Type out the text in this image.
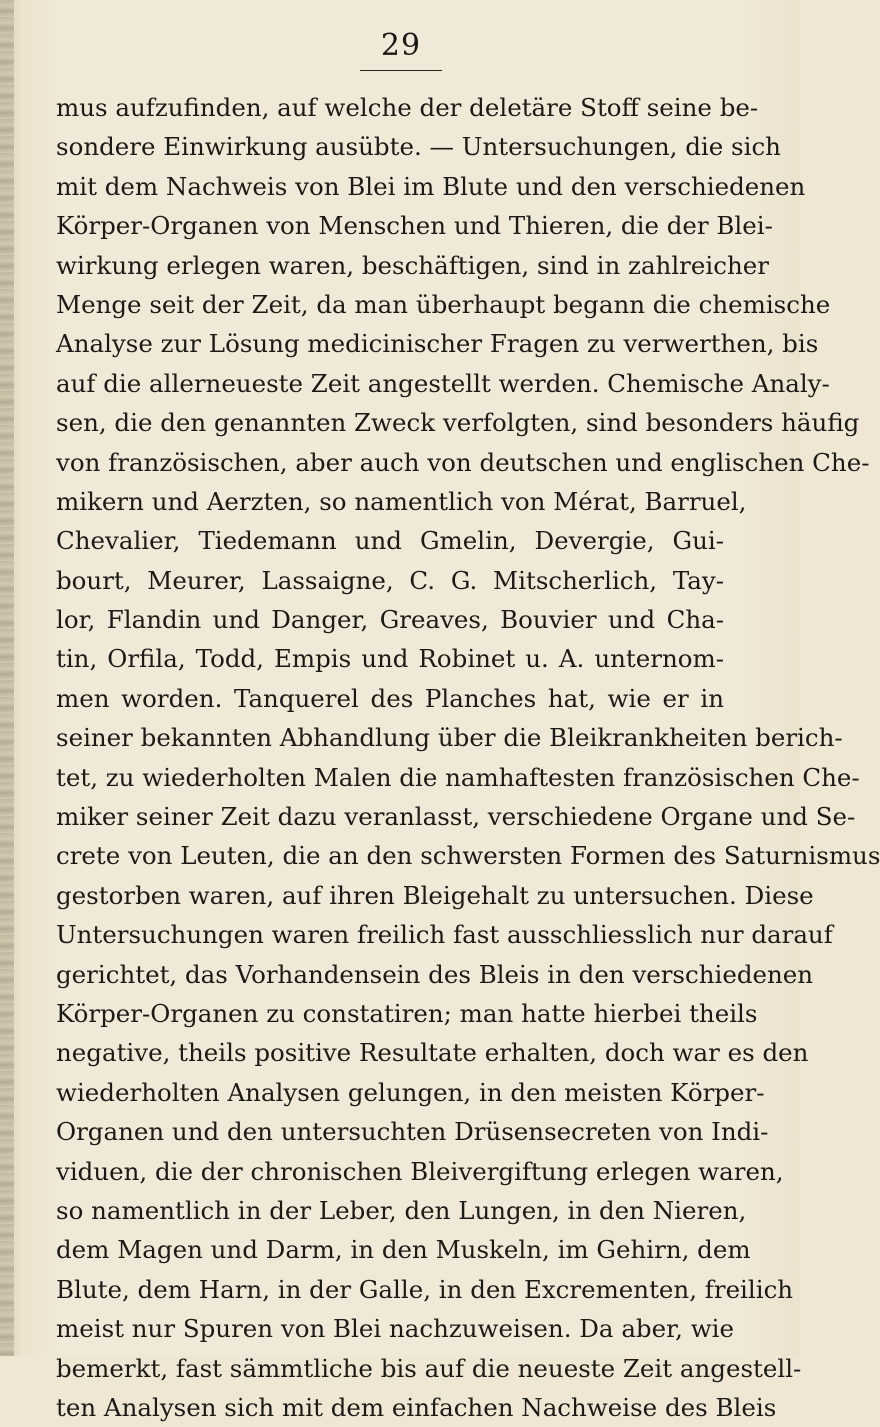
29
mus aufzufinden, auf welche der deletäre Stoff seine be-
sondere Einwirkung ausübte. — Untersuchungen, die sich
mit dem Nachweis von Blei im Blute und den verschiedenen
Körper-Organen von Menschen und Thieren, die der Blei-
wirkung erlegen waren, beschäftigen, sind in zahlreicher
Menge seit der Zeit, da man überhaupt begann die chemische
Analyse zur Lösung medicinischer Fragen zu verwerthen, bis
auf die allerneueste Zeit angestellt werden. Chemische Analy-
sen, die den genannten Zweck verfolgten, sind besonders häufig
von französischen, aber auch von deutschen und englischen Che-
mikern und Aerzten, so namentlich von Mérat, Barruel,
Chevalier, Tiedemann und Gmelin, Devergie, Gui-
bourt, Meurer, Lassaigne, C. G. Mitscherlich, Tay-
lor, Flandin und Danger, Greaves, Bouvier und Cha-
tin, Orfila, Todd, Empis und Robinet u. A. unternom-
men worden. Tanquerel des Planches hat, wie er in
seiner bekannten Abhandlung über die Bleikrankheiten berich-
tet, zu wiederholten Malen die namhaftesten französischen Che-
miker seiner Zeit dazu veranlasst, verschiedene Organe und Se-
crete von Leuten, die an den schwersten Formen des Saturnismus
gestorben waren, auf ihren Bleigehalt zu untersuchen. Diese
Untersuchungen waren freilich fast ausschliesslich nur darauf
gerichtet, das Vorhandensein des Bleis in den verschiedenen
Körper-Organen zu constatiren; man hatte hierbei theils
negative, theils positive Resultate erhalten, doch war es den
wiederholten Analysen gelungen, in den meisten Körper-
Organen und den untersuchten Drüsensecreten von Indi-
viduen, die der chronischen Bleivergiftung erlegen waren,
so namentlich in der Leber, den Lungen, in den Nieren,
dem Magen und Darm, in den Muskeln, im Gehirn, dem
Blute, dem Harn, in der Galle, in den Excrementen, freilich
meist nur Spuren von Blei nachzuweisen. Da aber, wie
bemerkt, fast sämmtliche bis auf die neueste Zeit angestell-
ten Analysen sich mit dem einfachen Nachweise des Bleis
